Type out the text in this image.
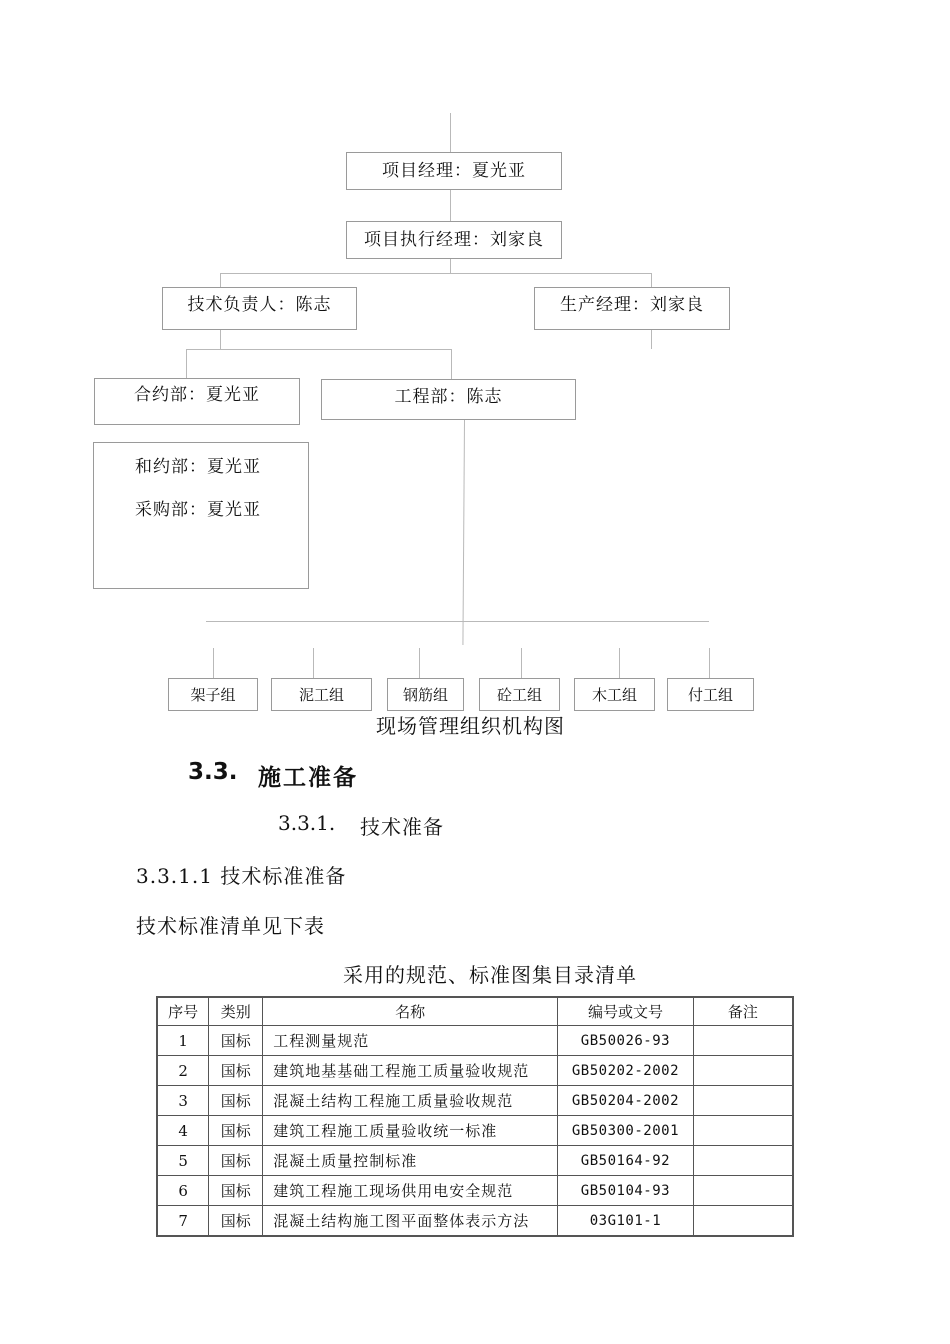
项目经理：夏光亚
项目执行经理：刘家良
技术负责人：陈志	生产经理：刘家良
合约部：夏光亚	工程部：陈志
和约部：夏光亚
采购部：夏光亚
架子组	泥工组	钢筋组	砼工组	木工组	付工组
现场管理组织机构图
3.3. 施工准备
3.3.1. 技术准备
3.3.1.1 技术标准准备
技术标准清单见下表
采用的规范、标准图集目录清单
序号	类别	名称	编号或文号	备注
1	国标	工程测量规范	GB50026-93	
2	国标	建筑地基基础工程施工质量验收规范	GB50202-2002	
3	国标	混凝土结构工程施工质量验收规范	GB50204-2002	
4	国标	建筑工程施工质量验收统一标准	GB50300-2001	
5	国标	混凝土质量控制标准	GB50164-92	
6	国标	建筑工程施工现场供用电安全规范	GB50104-93	
7	国标	混凝土结构施工图平面整体表示方法	03G101-1	
